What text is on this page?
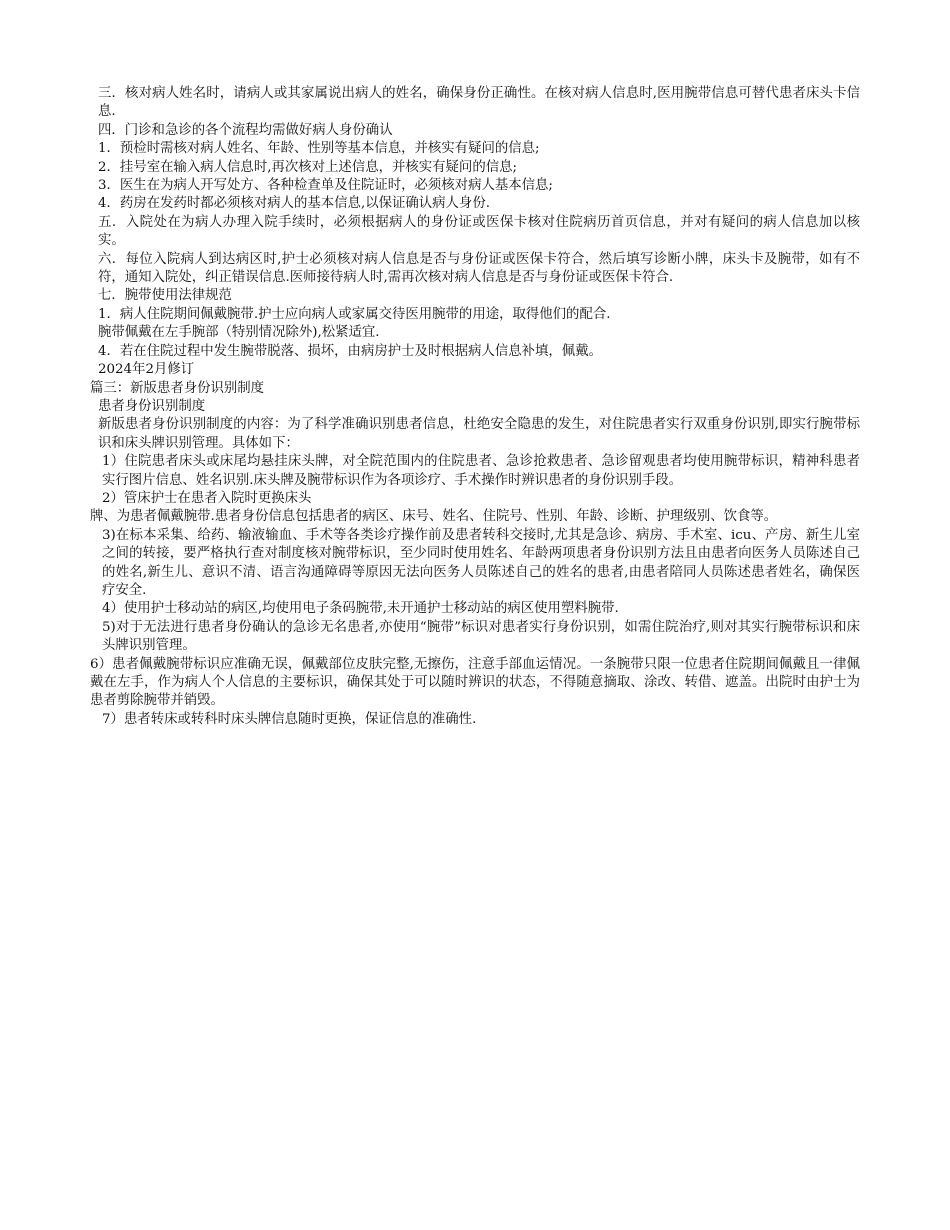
三．核对病人姓名时，请病人或其家属说出病人的姓名，确保身份正确性。在核对病人信息时,医用腕带信息可替代患者床头卡信息.

四．门诊和急诊的各个流程均需做好病人身份确认

1．预检时需核对病人姓名、年龄、性别等基本信息，并核实有疑问的信息;

2．挂号室在输入病人信息时,再次核对上述信息，并核实有疑问的信息;

3．医生在为病人开写处方、各种检查单及住院证时，必须核对病人基本信息;

4．药房在发药时都必须核对病人的基本信息,以保证确认病人身份.

五．入院处在为病人办理入院手续时，必须根据病人的身份证或医保卡核对住院病历首页信息，并对有疑问的病人信息加以核实。

六．每位入院病人到达病区时,护士必须核对病人信息是否与身份证或医保卡符合，然后填写诊断小牌，床头卡及腕带，如有不符，通知入院处，纠正错误信息.医师接待病人时,需再次核对病人信息是否与身份证或医保卡符合.

七．腕带使用法律规范

1．病人住院期间佩戴腕带.护士应向病人或家属交待医用腕带的用途，取得他们的配合.

腕带佩戴在左手腕部（特别情况除外),松紧适宜.

4．若在住院过程中发生腕带脱落、损坏，由病房护士及时根据病人信息补填，佩戴。

2024年2月修订

篇三：新版患者身份识别制度

患者身份识别制度

新版患者身份识别制度的内容：为了科学准确识别患者信息，杜绝安全隐患的发生，对住院患者实行双重身份识别,即实行腕带标识和床头牌识别管理。具体如下：

1）住院患者床头或床尾均悬挂床头牌，对全院范围内的住院患者、急诊抢救患者、急诊留观患者均使用腕带标识，精神科患者实行图片信息、姓名识别.床头牌及腕带标识作为各项诊疗、手术操作时辨识患者的身份识别手段。

2）管床护士在患者入院时更换床头

牌、为患者佩戴腕带.患者身份信息包括患者的病区、床号、姓名、住院号、性别、年龄、诊断、护理级别、饮食等。

3)在标本采集、给药、输液输血、手术等各类诊疗操作前及患者转科交接时,尤其是急诊、病房、手术室、icu、产房、新生儿室之间的转接，要严格执行查对制度核对腕带标识，至少同时使用姓名、年龄两项患者身份识别方法且由患者向医务人员陈述自己的姓名,新生儿、意识不清、语言沟通障碍等原因无法向医务人员陈述自己的姓名的患者,由患者陪同人员陈述患者姓名，确保医疗安全.

4）使用护士移动站的病区,均使用电子条码腕带,未开通护士移动站的病区使用塑料腕带.

5)对于无法进行患者身份确认的急诊无名患者,亦使用“腕带”标识对患者实行身份识别，如需住院治疗,则对其实行腕带标识和床头牌识别管理。

6）患者佩戴腕带标识应准确无误，佩戴部位皮肤完整,无擦伤，注意手部血运情况。一条腕带只限一位患者住院期间佩戴且一律佩戴在左手，作为病人个人信息的主要标识，确保其处于可以随时辨识的状态，不得随意摘取、涂改、转借、遮盖。出院时由护士为患者剪除腕带并销毁。

7）患者转床或转科时床头牌信息随时更换，保证信息的准确性.
